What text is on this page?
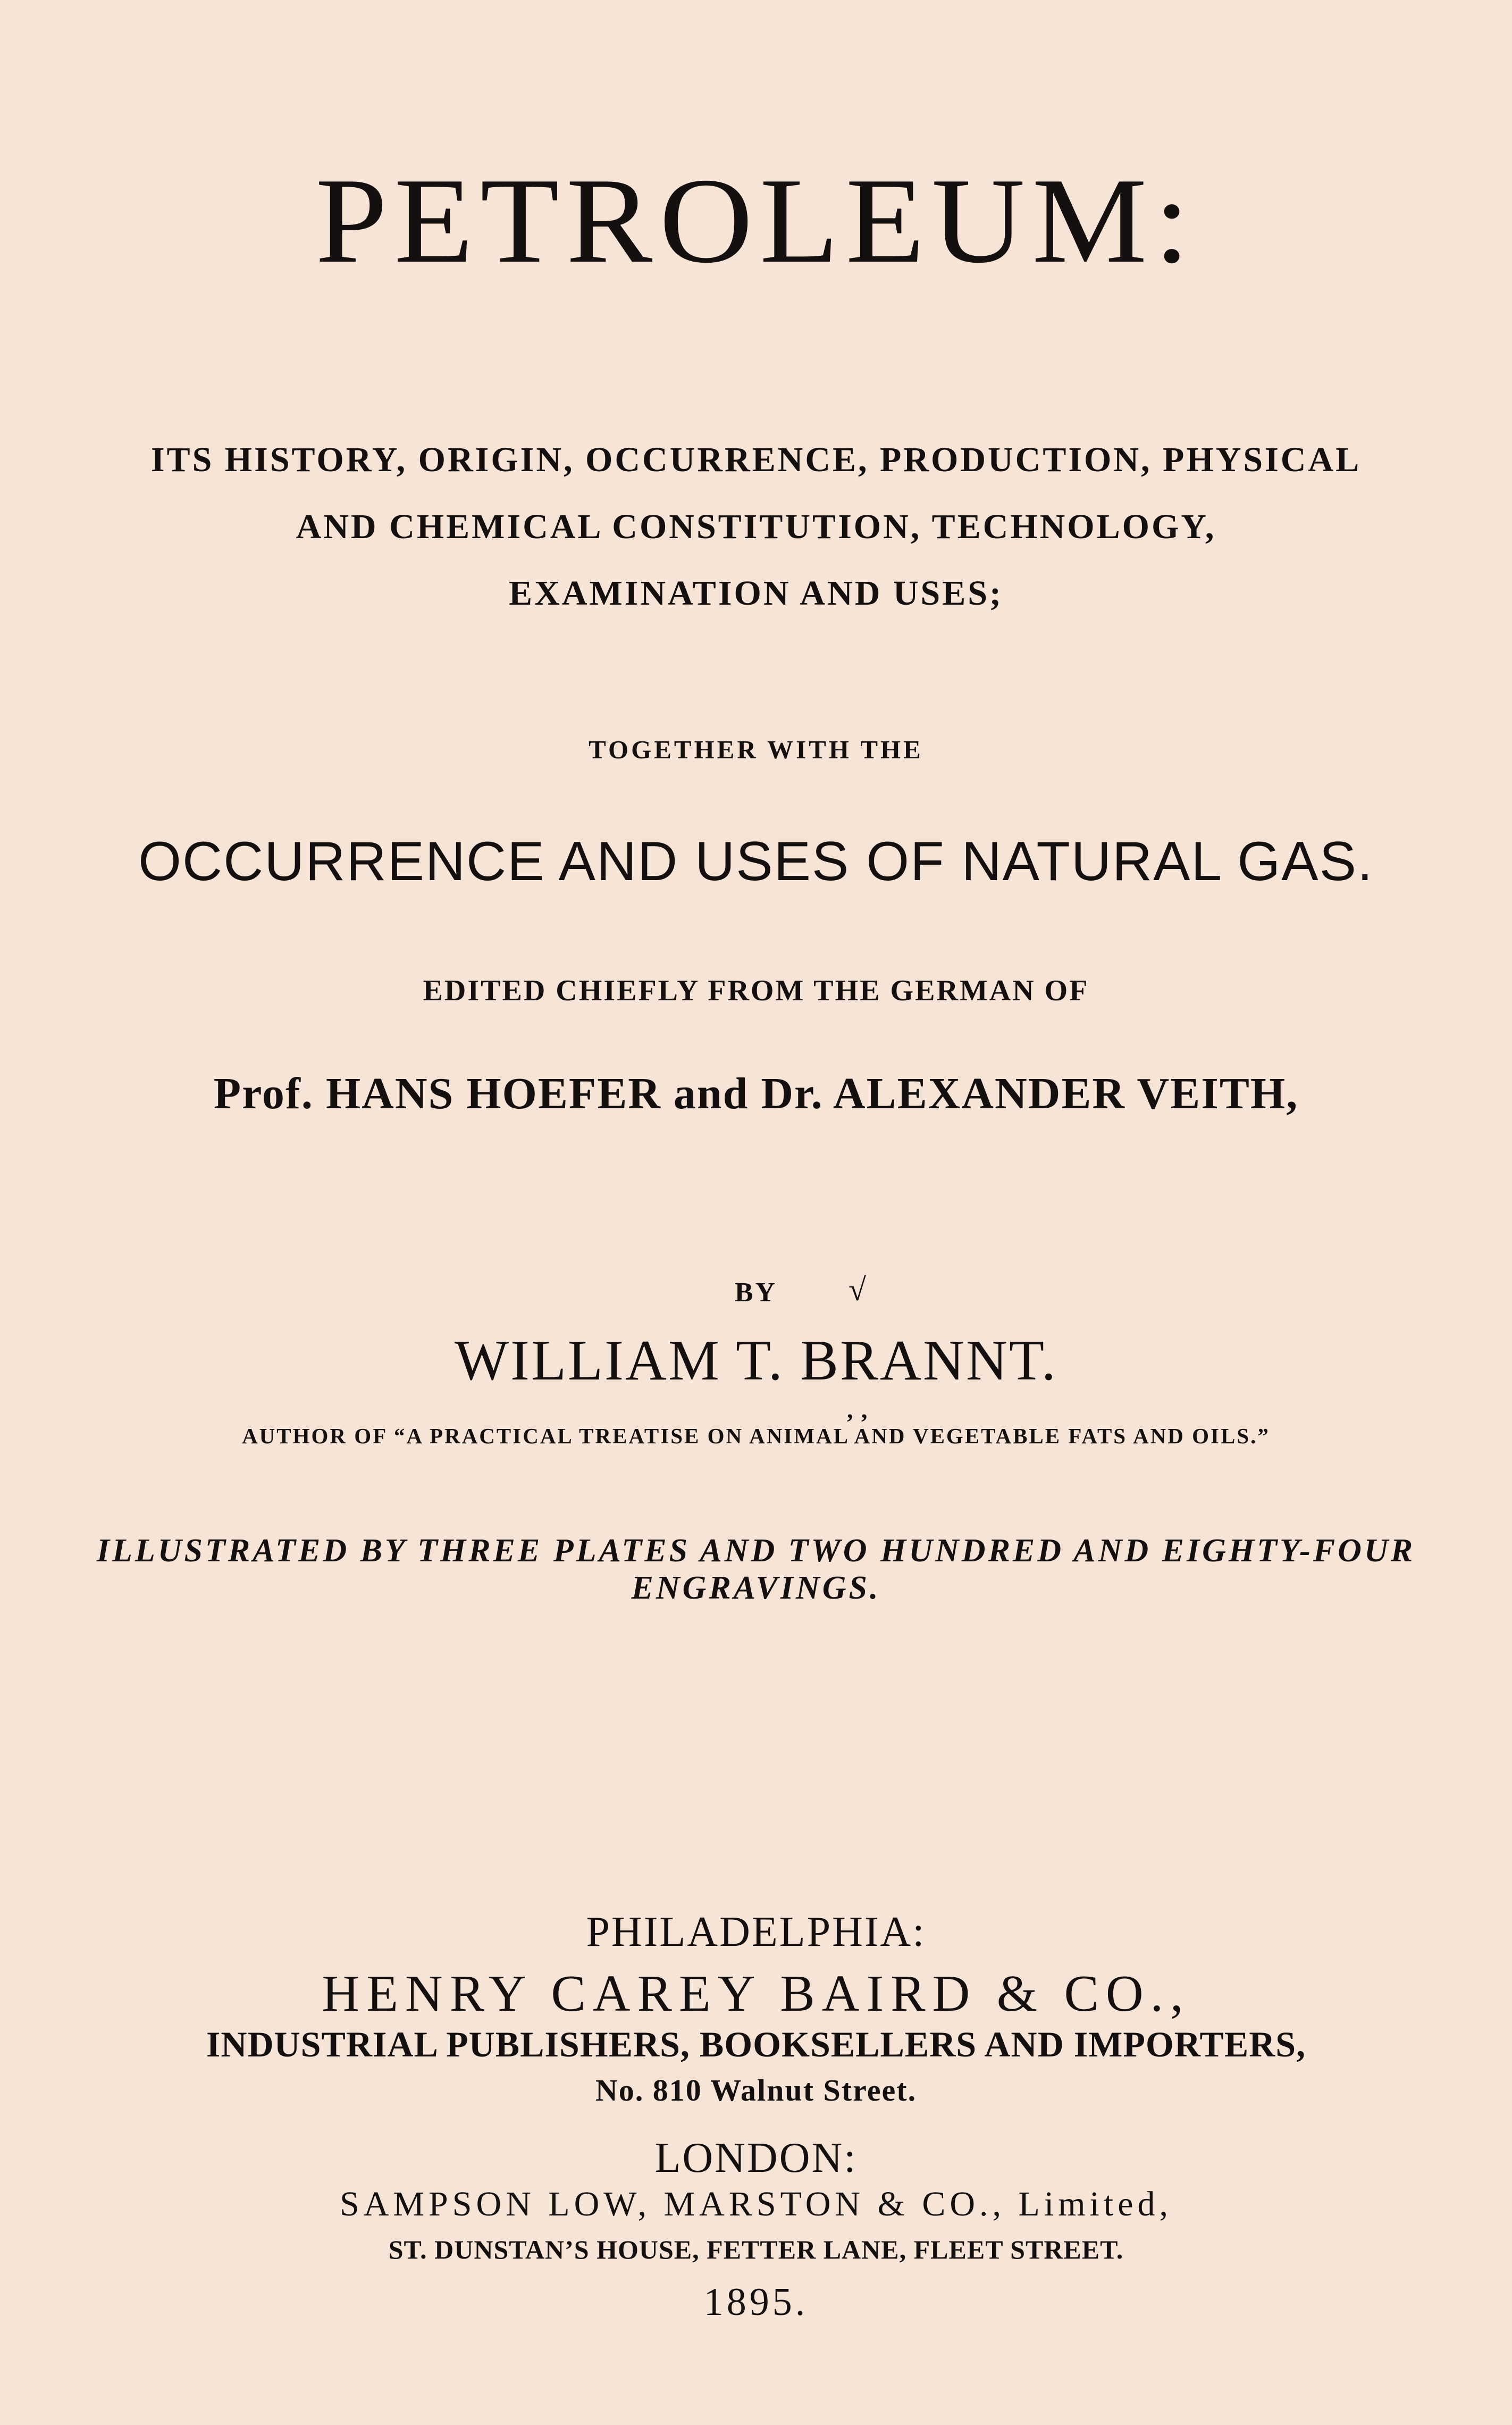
PETROLEUM:
ITS HISTORY, ORIGIN, OCCURRENCE, PRODUCTION, PHYSICAL
AND CHEMICAL CONSTITUTION, TECHNOLOGY,
EXAMINATION AND USES;
TOGETHER WITH THE
OCCURRENCE AND USES OF NATURAL GAS.
EDITED CHIEFLY FROM THE GERMAN OF
Prof. HANS HOEFER and Dr. ALEXANDER VEITH,
BY	√
WILLIAM T. BRANNT.
‚ ‚
AUTHOR OF “A PRACTICAL TREATISE ON ANIMAL AND VEGETABLE FATS AND OILS.”
ILLUSTRATED BY THREE PLATES AND TWO HUNDRED AND EIGHTY-FOUR
ENGRAVINGS.
PHILADELPHIA:
HENRY CAREY BAIRD & CO.,
INDUSTRIAL PUBLISHERS, BOOKSELLERS AND IMPORTERS,
No. 810 Walnut Street.
LONDON:
SAMPSON LOW, MARSTON & CO., Limited,
ST. DUNSTAN’S HOUSE, FETTER LANE, FLEET STREET.
1895.
